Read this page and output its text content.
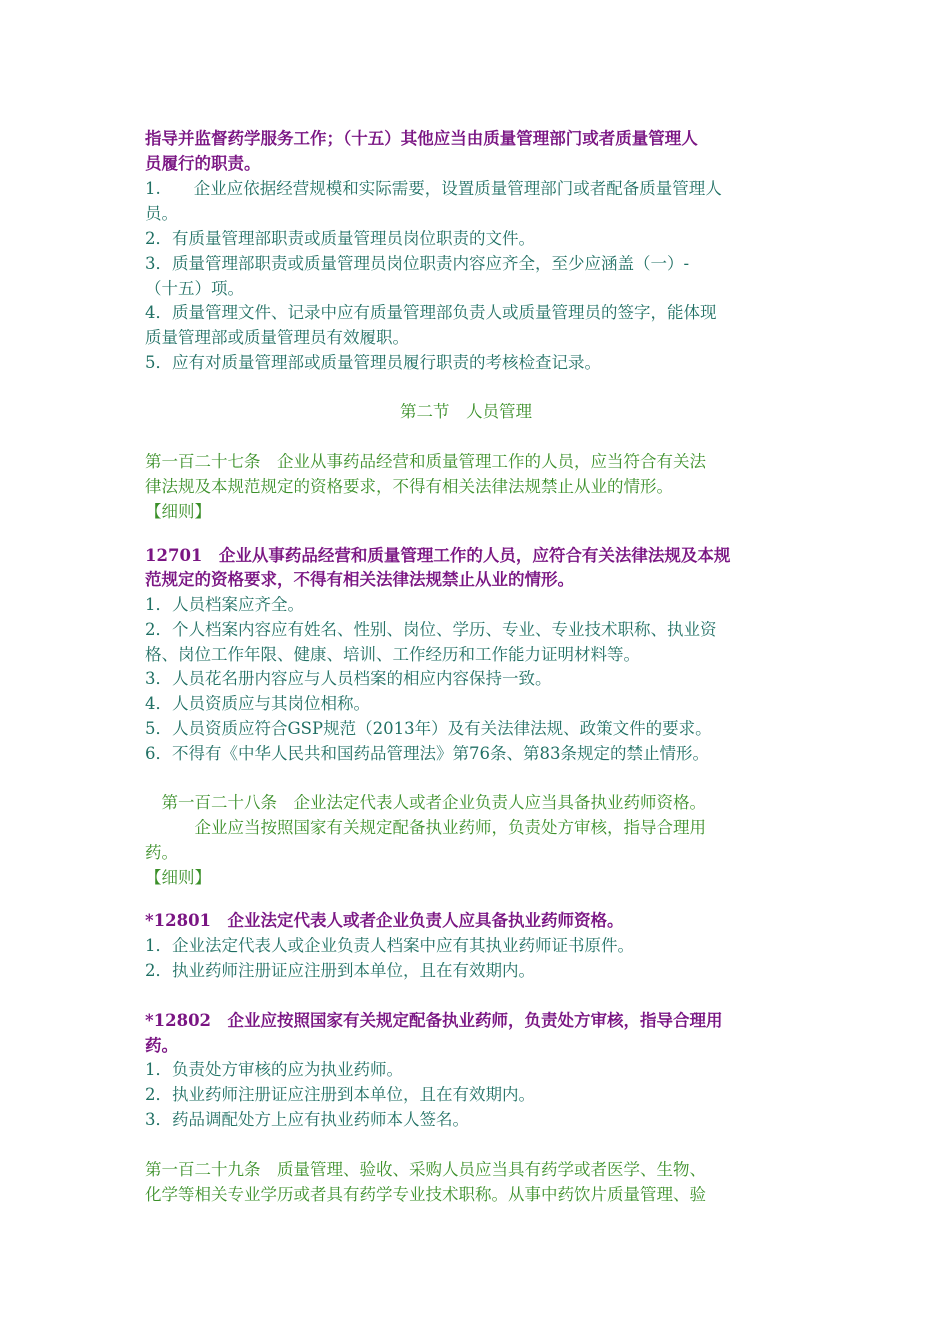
指导并监督药学服务工作；（十五）其他应当由质量管理部门或者质量管理人

员履行的职责。

1.　　企业应依据经营规模和实际需要，设置质量管理部门或者配备质量管理人

员。

2．有质量管理部职责或质量管理员岗位职责的文件。

3．质量管理部职责或质量管理员岗位职责内容应齐全，至少应涵盖（一）-

（十五）项。

4．质量管理文件、记录中应有质量管理部负责人或质量管理员的签字，能体现

质量管理部或质量管理员有效履职。

5．应有对质量管理部或质量管理员履行职责的考核检查记录。

第二节　人员管理

第一百二十七条　企业从事药品经营和质量管理工作的人员，应当符合有关法

律法规及本规范规定的资格要求，不得有相关法律法规禁止从业的情形。

【细则】

12701　企业从事药品经营和质量管理工作的人员，应符合有关法律法规及本规

范规定的资格要求，不得有相关法律法规禁止从业的情形。

1．人员档案应齐全。

2．个人档案内容应有姓名、性别、岗位、学历、专业、专业技术职称、执业资

格、岗位工作年限、健康、培训、工作经历和工作能力证明材料等。

3．人员花名册内容应与人员档案的相应内容保持一致。

4．人员资质应与其岗位相称。

5．人员资质应符合GSP规范（2013年）及有关法律法规、政策文件的要求。

6．不得有《中华人民共和国药品管理法》第76条、第83条规定的禁止情形。

　第一百二十八条　企业法定代表人或者企业负责人应当具备执业药师资格。

　　　企业应当按照国家有关规定配备执业药师，负责处方审核，指导合理用

药。

【细则】

*12801　企业法定代表人或者企业负责人应具备执业药师资格。

1．企业法定代表人或企业负责人档案中应有其执业药师证书原件。

2．执业药师注册证应注册到本单位，且在有效期内。

*12802　企业应按照国家有关规定配备执业药师，负责处方审核，指导合理用

药。

1．负责处方审核的应为执业药师。

2．执业药师注册证应注册到本单位，且在有效期内。

3．药品调配处方上应有执业药师本人签名。

第一百二十九条　质量管理、验收、采购人员应当具有药学或者医学、生物、

化学等相关专业学历或者具有药学专业技术职称。从事中药饮片质量管理、验
